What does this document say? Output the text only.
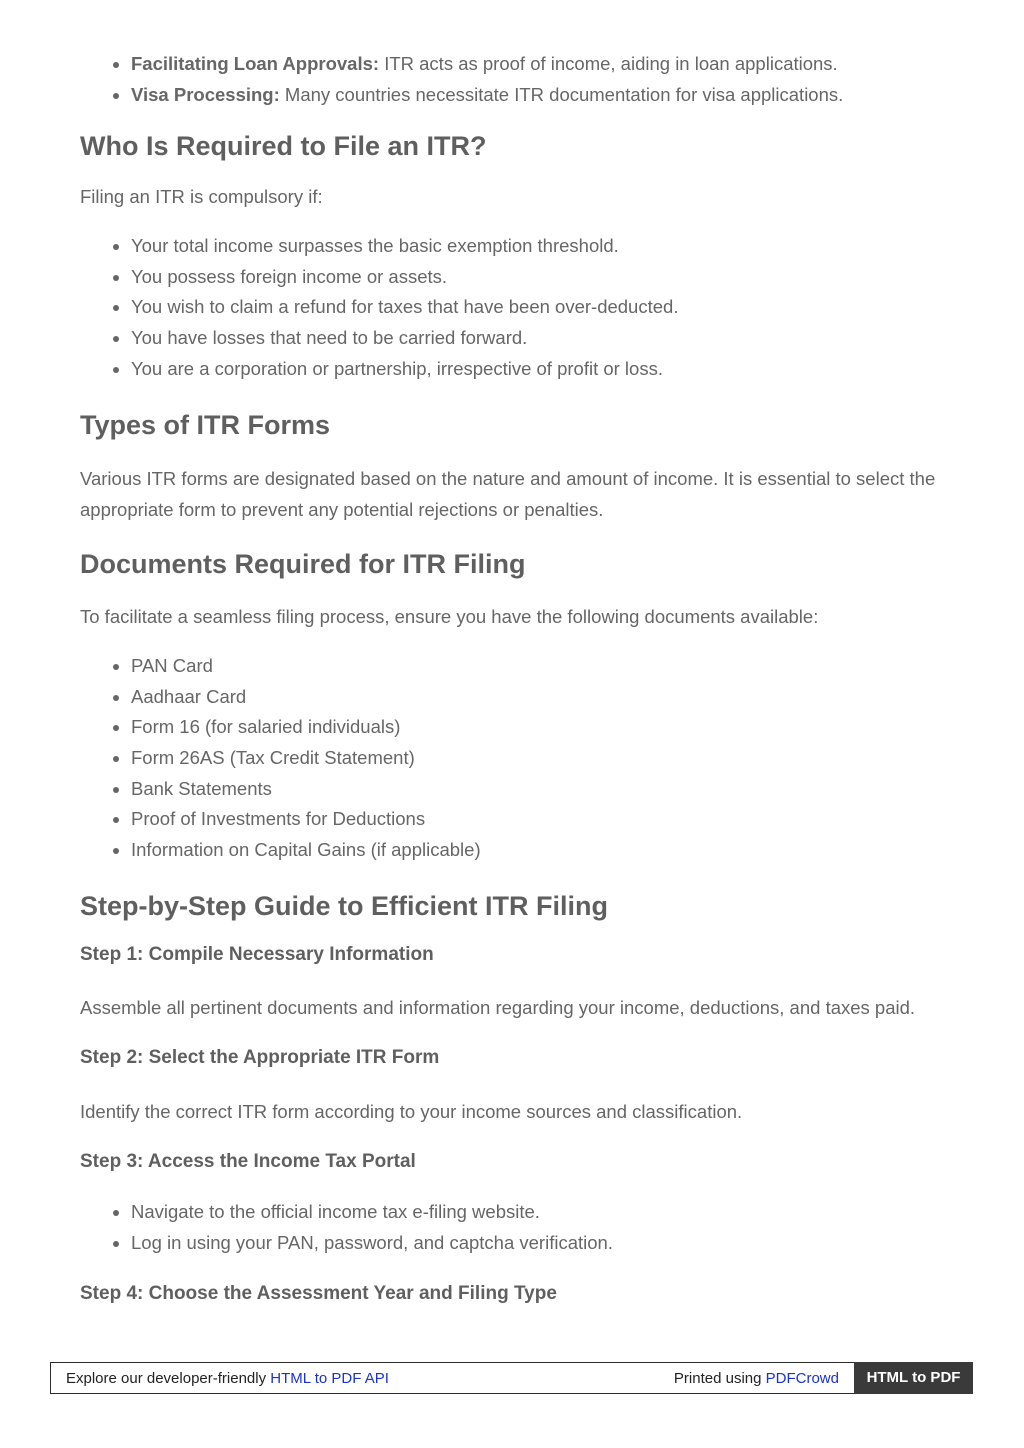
• Facilitating Loan Approvals: ITR acts as proof of income, aiding in loan applications.
• Visa Processing: Many countries necessitate ITR documentation for visa applications.
Who Is Required to File an ITR?

Filing an ITR is compulsory if:

• Your total income surpasses the basic exemption threshold.
• You possess foreign income or assets.
• You wish to claim a refund for taxes that have been over-deducted.
• You have losses that need to be carried forward.
• You are a corporation or partnership, irrespective of profit or loss.
Types of ITR Forms

Various ITR forms are designated based on the nature and amount of income. It is essential to select the appropriate form to prevent any potential rejections or penalties.

Documents Required for ITR Filing

To facilitate a seamless filing process, ensure you have the following documents available:

• PAN Card
• Aadhaar Card
• Form 16 (for salaried individuals)
• Form 26AS (Tax Credit Statement)
• Bank Statements
• Proof of Investments for Deductions
• Information on Capital Gains (if applicable)
Step-by-Step Guide to Efficient ITR Filing
Step 1: Compile Necessary Information

Assemble all pertinent documents and information regarding your income, deductions, and taxes paid.

Step 2: Select the Appropriate ITR Form

Identify the correct ITR form according to your income sources and classification.

Step 3: Access the Income Tax Portal
• Navigate to the official income tax e-filing website.
• Log in using your PAN, password, and captcha verification.
Step 4: Choose the Assessment Year and Filing Type
Explore our developer-friendly HTML to PDF API	Printed using PDFCrowd	HTML to PDF
